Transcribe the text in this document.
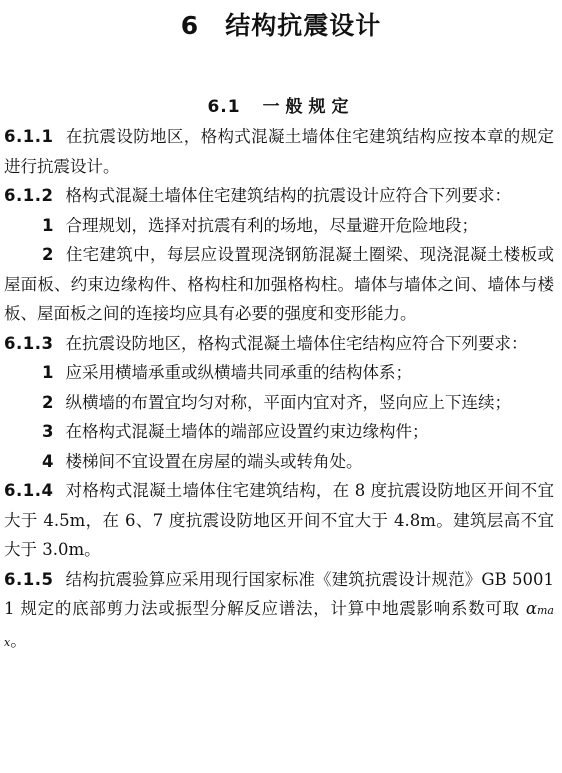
6 结构抗震设计
6.1 一般规定

6.1.1 在抗震设防地区，格构式混凝土墙体住宅建筑结构应按本章的规定进行抗震设计。

6.1.2 格构式混凝土墙体住宅建筑结构的抗震设计应符合下列要求：

1 合理规划，选择对抗震有利的场地，尽量避开危险地段；

2 住宅建筑中，每层应设置现浇钢筋混凝土圈梁、现浇混凝土楼板或屋面板、约束边缘构件、格构柱和加强格构柱。墙体与墙体之间、墙体与楼板、屋面板之间的连接均应具有必要的强度和变形能力。

6.1.3 在抗震设防地区，格构式混凝土墙体住宅结构应符合下列要求：

1 应采用横墙承重或纵横墙共同承重的结构体系；

2 纵横墙的布置宜均匀对称，平面内宜对齐，竖向应上下连续；

3 在格构式混凝土墙体的端部应设置约束边缘构件；

4 楼梯间不宜设置在房屋的端头或转角处。

6.1.4 对格构式混凝土墙体住宅建筑结构，在 8 度抗震设防地区开间不宜大于 4.5m，在 6、7 度抗震设防地区开间不宜大于 4.8m。建筑层高不宜大于 3.0m。

6.1.5 结构抗震验算应采用现行国家标准《建筑抗震设计规范》GB 50011 规定的底部剪力法或振型分解反应谱法，计算中地震影响系数可取 αmax。
